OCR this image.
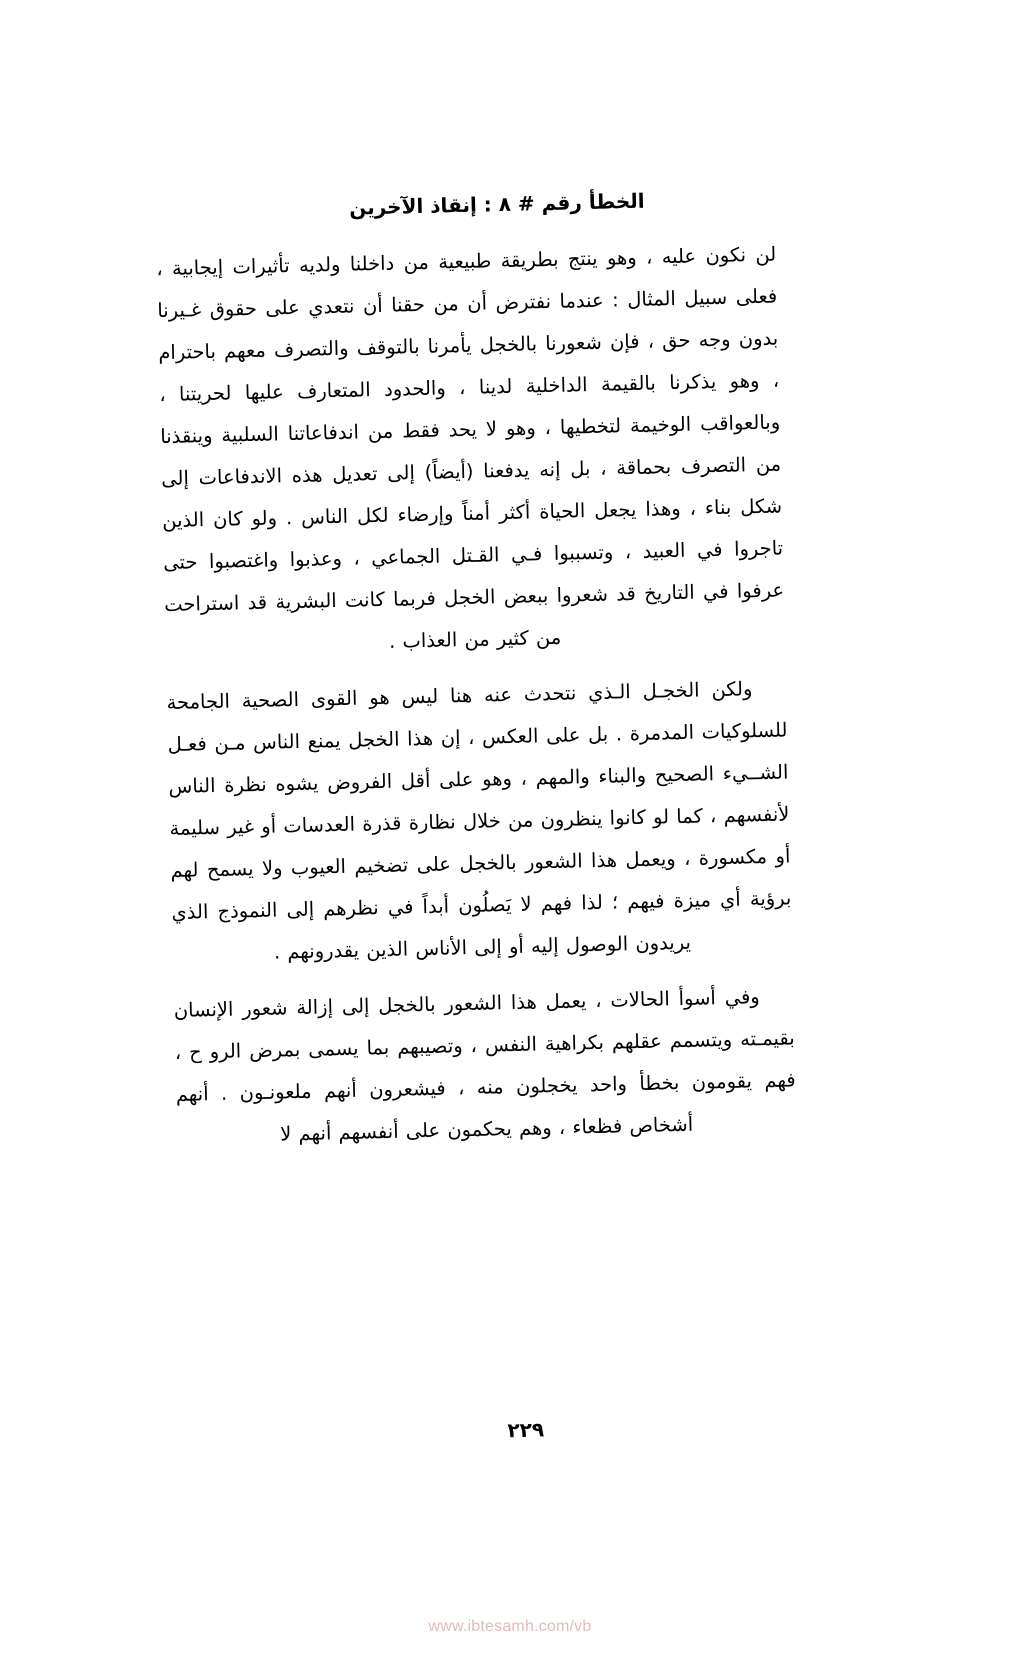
الخطأ رقم # ٨ : إنقاذ الآخرين

لن نكون عليه ، وهو ينتج بطريقة طبيعية من داخلنا ولديه تأثيرات إيجابية ، فعلى سبيل المثال : عندما نفترض أن من حقنا أن نتعدي على حقوق غـيرنا بدون وجه حق ، فإن شعورنا بالخجل يأمرنا بالتوقف والتصرف معهم باحترام ، وهو يذكرنا بالقيمة الداخلية لدينا ، والحدود المتعارف عليها لحريتنا ، وبالعواقب الوخيمة لتخطيها ، وهو لا يحد فقط من اندفاعاتنا السلبية وينقذنا من التصرف بحماقة ، بل إنه يدفعنا (أيضاً) إلى تعديل هذه الاندفاعات إلى شكل بناء ، وهذا يجعل الحياة أكثر أمناً وإرضاء لكل الناس . ولو كان الذين تاجروا في العبيد ، وتسببوا فـي القـتل الجماعي ، وعذبوا واغتصبوا حتى عرفوا في التاريخ قد شعروا ببعض الخجل فربما كانت البشرية قد استراحت من كثير من العذاب .

ولكن الخجـل الـذي نتحدث عنه هنا ليس هو القوى الصحية الجامحة للسلوكيات المدمرة . بل على العكس ، إن هذا الخجل يمنع الناس مـن فعـل الشــيء الصحيح والبناء والمهم ، وهو على أقل الفروض يشوه نظرة الناس لأنفسهم ، كما لو كانوا ينظرون من خلال نظارة قذرة العدسات أو غير سليمة أو مكسورة ، ويعمل هذا الشعور بالخجل على تضخيم العيوب ولا يسمح لهم برؤية أي ميزة فيهم ؛ لذا فهم لا يَصلُون أبداً في نظرهم إلى النموذج الذي يريدون الوصول إليه أو إلى الأناس الذين يقدرونهم .

وفي أسوأ الحالات ، يعمل هذا الشعور بالخجل إلى إزالة شعور الإنسان بقيمـته ويتسمم عقلهم بكراهية النفس ، وتصيبهم بما يسمى بمرض الرو ح ، فهم يقومون بخطأ واحد يخجلون منه ، فيشعرون أنهم ملعونـون . أنهم أشخاص فظعاء ، وهم يحكمون على أنفسهم أنهم لا

٢٢٩
www.ibtesamh.com/vb
